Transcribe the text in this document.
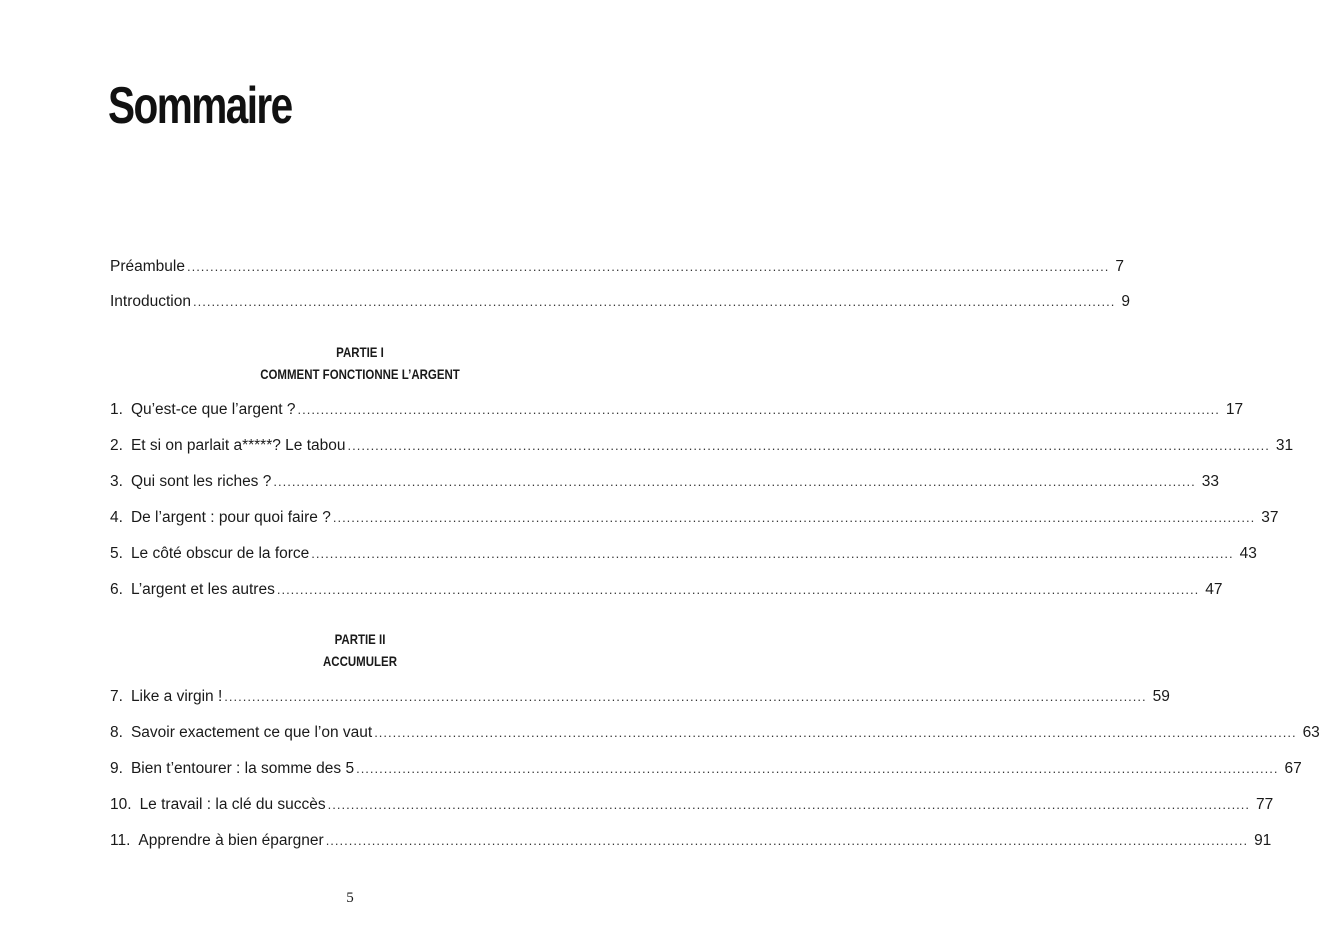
Sommaire
Préambule ........................................................................................................................................................................................................ 7
Introduction ........................................................................................................................................................................................................ 9
PARTIE I
COMMENT FONCTIONNE L’ARGENT
1. Qu’est-ce que l’argent ? ........................................................................................................................................................................................................ 17
2. Et si on parlait a*****? Le tabou ........................................................................................................................................................................................................ 31
3. Qui sont les riches ? ........................................................................................................................................................................................................ 33
4. De l’argent : pour quoi faire ? ........................................................................................................................................................................................................ 37
5. Le côté obscur de la force ........................................................................................................................................................................................................ 43
6. L’argent et les autres ........................................................................................................................................................................................................ 47
PARTIE II
ACCUMULER
7. Like a virgin ! ........................................................................................................................................................................................................ 59
8. Savoir exactement ce que l’on vaut ........................................................................................................................................................................................................ 63
9. Bien t’entourer : la somme des 5 ........................................................................................................................................................................................................ 67
10. Le travail : la clé du succès ........................................................................................................................................................................................................ 77
11. Apprendre à bien épargner ........................................................................................................................................................................................................ 91
5
